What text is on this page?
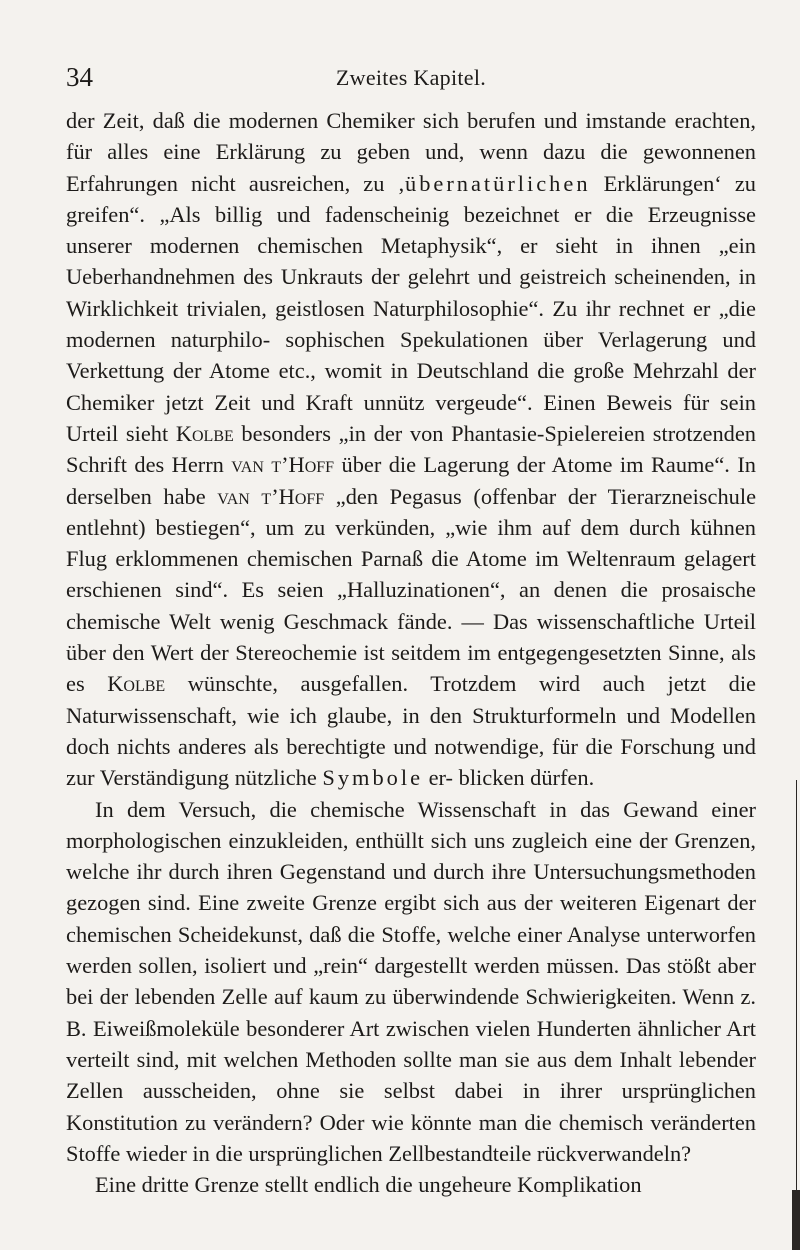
34	Zweites Kapitel.

der Zeit, daß die modernen Chemiker sich berufen und imstande erachten, für alles eine Erklärung zu geben und, wenn dazu die gewonnenen Erfahrungen nicht ausreichen, zu ‚übernatürlichen Erklärungen‘ zu greifen“. „Als billig und fadenscheinig bezeichnet er die Erzeugnisse unserer modernen chemischen Metaphysik“, er sieht in ihnen „ein Ueberhandnehmen des Unkrauts der gelehrt und geistreich scheinenden, in Wirklichkeit trivialen, geistlosen Naturphilosophie“. Zu ihr rechnet er „die modernen naturphilo- sophischen Spekulationen über Verlagerung und Verkettung der Atome etc., womit in Deutschland die große Mehrzahl der Chemiker jetzt Zeit und Kraft unnütz vergeude“. Einen Beweis für sein Urteil sieht Kolbe besonders „in der von Phantasie-Spielereien strotzenden Schrift des Herrn van t’Hoff über die Lagerung der Atome im Raume“. In derselben habe van t’Hoff „den Pegasus (offenbar der Tierarzneischule entlehnt) bestiegen“, um zu verkünden, „wie ihm auf dem durch kühnen Flug erklommenen chemischen Parnaß die Atome im Weltenraum gelagert erschienen sind“. Es seien „Halluzinationen“, an denen die prosaische chemische Welt wenig Geschmack fände. — Das wissenschaftliche Urteil über den Wert der Stereochemie ist seitdem im entgegengesetzten Sinne, als es Kolbe wünschte, ausgefallen. Trotzdem wird auch jetzt die Naturwissenschaft, wie ich glaube, in den Strukturformeln und Modellen doch nichts anderes als berechtigte und notwendige, für die Forschung und zur Verständigung nützliche Symbole er- blicken dürfen.

In dem Versuch, die chemische Wissenschaft in das Gewand einer morphologischen einzukleiden, enthüllt sich uns zugleich eine der Grenzen, welche ihr durch ihren Gegenstand und durch ihre Untersuchungsmethoden gezogen sind. Eine zweite Grenze ergibt sich aus der weiteren Eigenart der chemischen Scheidekunst, daß die Stoffe, welche einer Analyse unterworfen werden sollen, isoliert und „rein“ dargestellt werden müssen. Das stößt aber bei der lebenden Zelle auf kaum zu überwindende Schwierigkeiten. Wenn z. B. Eiweißmoleküle besonderer Art zwischen vielen Hunderten ähnlicher Art verteilt sind, mit welchen Methoden sollte man sie aus dem Inhalt lebender Zellen ausscheiden, ohne sie selbst dabei in ihrer ursprünglichen Konstitution zu verändern? Oder wie könnte man die chemisch veränderten Stoffe wieder in die ursprünglichen Zellbestandteile rückverwandeln?

Eine dritte Grenze stellt endlich die ungeheure Komplikation
